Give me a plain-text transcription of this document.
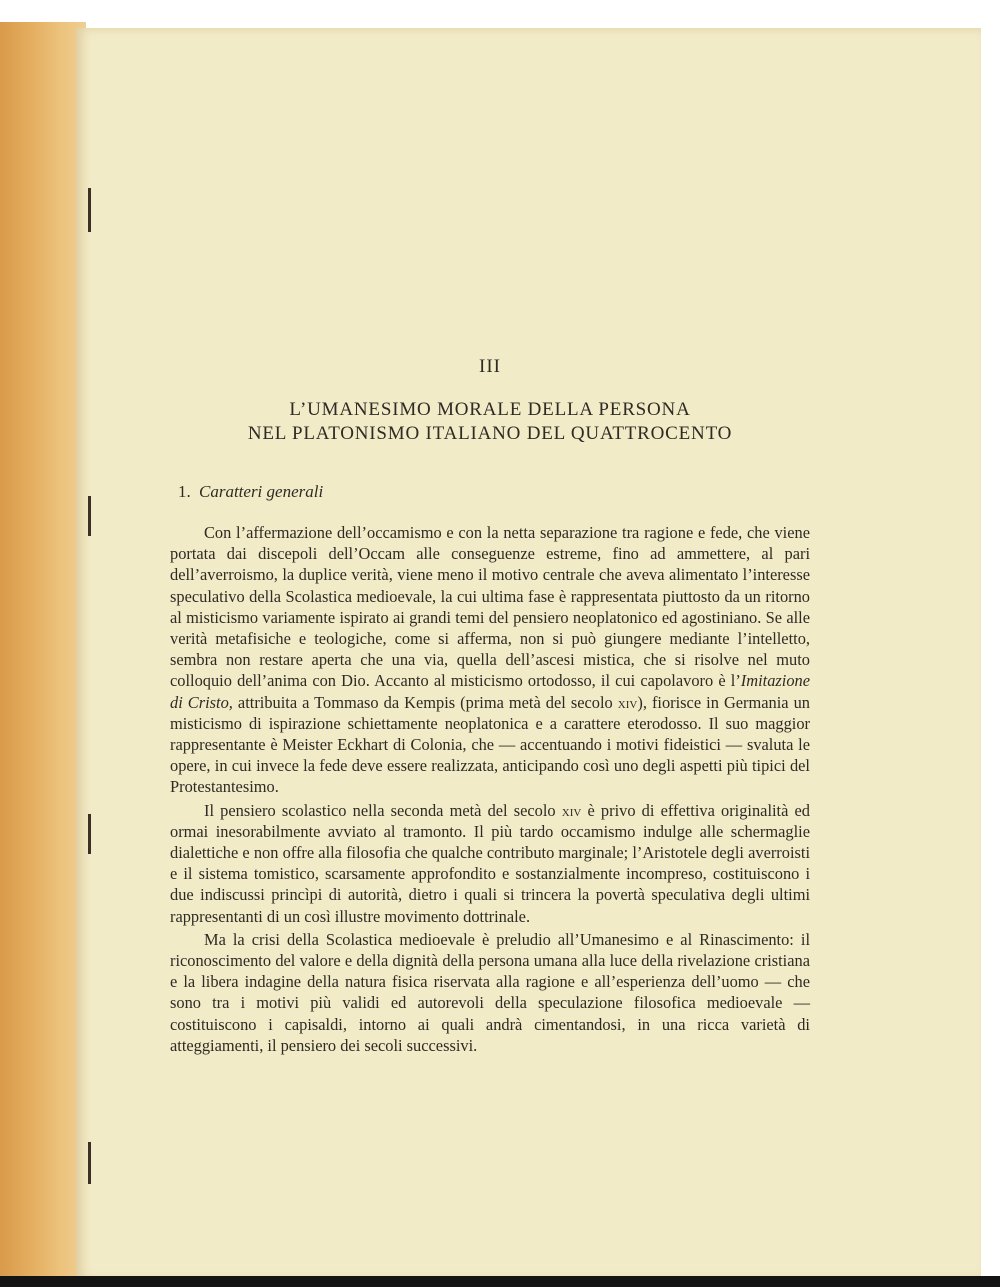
III
L’UMANESIMO MORALE DELLA PERSONA
NEL PLATONISMO ITALIANO DEL QUATTROCENTO
1. Caratteri generali

Con l’affermazione dell’occamismo e con la netta separazione tra ragione e fede, che viene portata dai discepoli dell’Occam alle conseguenze estreme, fino ad ammettere, al pari dell’averroismo, la duplice verità, viene meno il motivo centrale che aveva alimentato l’interesse speculativo della Scolastica medioevale, la cui ultima fase è rappresentata piuttosto da un ritorno al misticismo variamente ispirato ai grandi temi del pensiero neoplatonico ed agostiniano. Se alle verità metafisiche e teologiche, come si afferma, non si può giungere mediante l’intelletto, sembra non restare aperta che una via, quella dell’ascesi mistica, che si risolve nel muto colloquio dell’anima con Dio. Accanto al misticismo ortodosso, il cui capolavoro è l’Imitazione di Cristo, attribuita a Tommaso da Kempis (prima metà del secolo xiv), fiorisce in Germania un misticismo di ispirazione schiettamente neoplatonica e a carattere eterodosso. Il suo maggior rappresentante è Meister Eckhart di Colonia, che — accentuando i motivi fideistici — svaluta le opere, in cui invece la fede deve essere realizzata, anticipando così uno degli aspetti più tipici del Protestantesimo.

Il pensiero scolastico nella seconda metà del secolo xiv è privo di effettiva originalità ed ormai inesorabilmente avviato al tramonto. Il più tardo occamismo indulge alle schermaglie dialettiche e non offre alla filosofia che qualche contributo marginale; l’Aristotele degli averroisti e il sistema tomistico, scarsamente approfondito e sostanzialmente incompreso, costituiscono i due indiscussi princìpi di autorità, dietro i quali si trincera la povertà speculativa degli ultimi rappresentanti di un così illustre movimento dottrinale.

Ma la crisi della Scolastica medioevale è preludio all’Umanesimo e al Rinascimento: il riconoscimento del valore e della dignità della persona umana alla luce della rivelazione cristiana e la libera indagine della natura fisica riservata alla ragione e all’esperienza dell’uomo — che sono tra i motivi più validi ed autorevoli della speculazione filosofica medioevale — costituiscono i capisaldi, intorno ai quali andrà cimentandosi, in una ricca varietà di atteggiamenti, il pensiero dei secoli successivi.
